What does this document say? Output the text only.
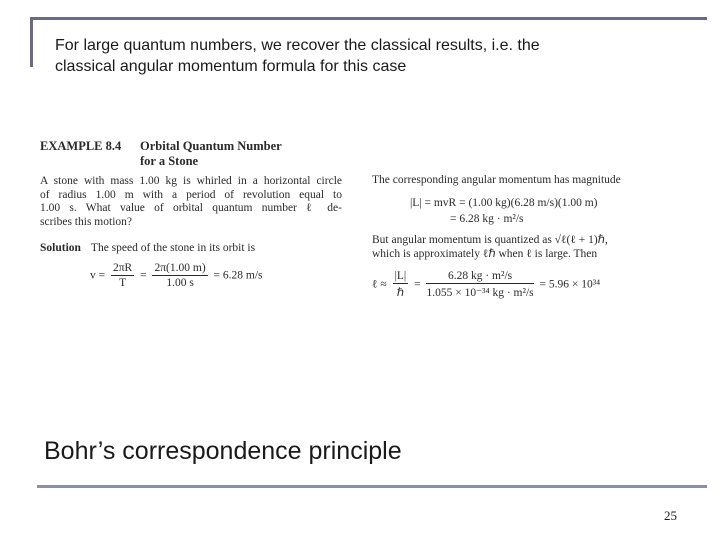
For large quantum numbers, we recover the classical results, i.e. the
classical angular momentum formula for this case
EXAMPLE 8.4 Orbital Quantum Number
for a Stone
A stone with mass 1.00 kg is whirled in a horizontal circle
of radius 1.00 m with a period of revolution equal to
1.00 s. What value of orbital quantum number ℓ de-
scribes this motion?
Solution The speed of the stone in its orbit is
$v = \frac{2\pi R}{T} = \frac{2\pi(1.00 m)}{1.00 s} = 6.28$ m/s
The corresponding angular momentum has magnitude
|L| = mvR = (1.00 kg)(6.28 m/s)(1.00 m)
= 6.28 kg · m²/s
But angular momentum is quantized as √ℓ(ℓ + 1)ℏ,
which is approximately ℓℏ when ℓ is large. Then
ℓ ≈ $\frac{|L|}{\text{ℏ}} = \frac{\text{6.28 kg · m²/s}}{\text{1.055 × 10⁻³⁴ kg · m²/s}} = 5.96 \times 10^{34}$
Bohr’s correspondence principle
25
